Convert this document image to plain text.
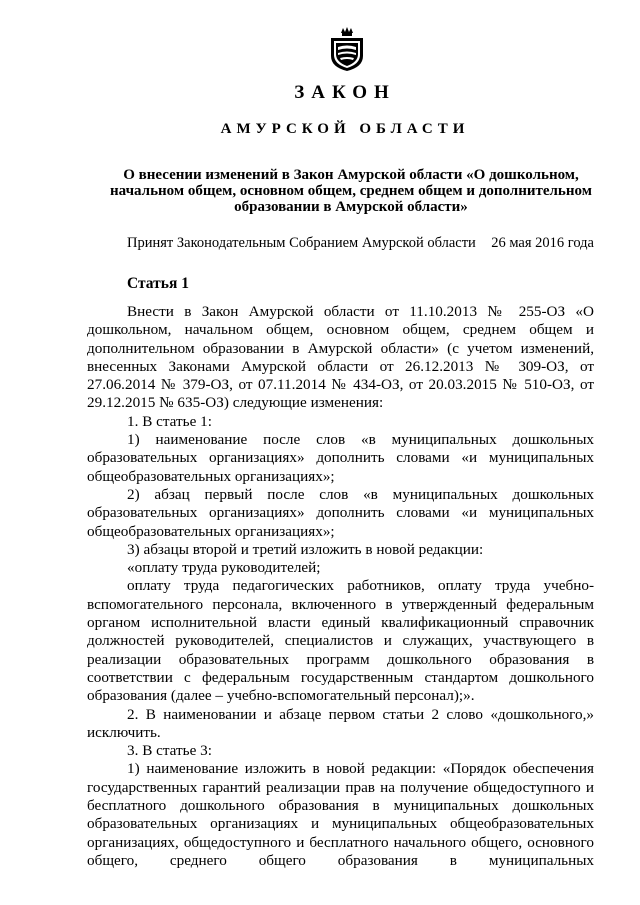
ЗАКОН
АМУРСКОЙ ОБЛАСТИ
О внесении изменений в Закон Амурской области «О дошкольном, начальном общем, основном общем, среднем общем и дополнительном образовании в Амурской области»
Принят Законодательным Собранием Амурской области 26 мая 2016 года
Статья 1

Внести в Закон Амурской области от 11.10.2013 № 255-ОЗ «О дошкольном, начальном общем, основном общем, среднем общем и дополнительном образовании в Амурской области» (с учетом изменений, внесенных Законами Амурской области от 26.12.2013 № 309-ОЗ, от 27.06.2014 № 379-ОЗ, от 07.11.2014 № 434-ОЗ, от 20.03.2015 № 510-ОЗ, от 29.12.2015 № 635-ОЗ) следующие изменения:

1. В статье 1:

1) наименование после слов «в муниципальных дошкольных образовательных организациях» дополнить словами «и муниципальных общеобразовательных организациях»;

2) абзац первый после слов «в муниципальных дошкольных образовательных организациях» дополнить словами «и муниципальных общеобразовательных организациях»;

3) абзацы второй и третий изложить в новой редакции:

«оплату труда руководителей;

оплату труда педагогических работников, оплату труда учебно-вспомогательного персонала, включенного в утвержденный федеральным органом исполнительной власти единый квалификационный справочник должностей руководителей, специалистов и служащих, участвующего в реализации образовательных программ дошкольного образования в соответствии с федеральным государственным стандартом дошкольного образования (далее – учебно-вспомогательный персонал);».

2. В наименовании и абзаце первом статьи 2 слово «дошкольного,» исключить.

3. В статье 3:

1) наименование изложить в новой редакции: «Порядок обеспечения государственных гарантий реализации прав на получение общедоступного и бесплатного дошкольного образования в муниципальных дошкольных образовательных организациях и муниципальных общеобразовательных организациях, общедоступного и бесплатного начального общего, основного общего, среднего общего образования в муниципальных
